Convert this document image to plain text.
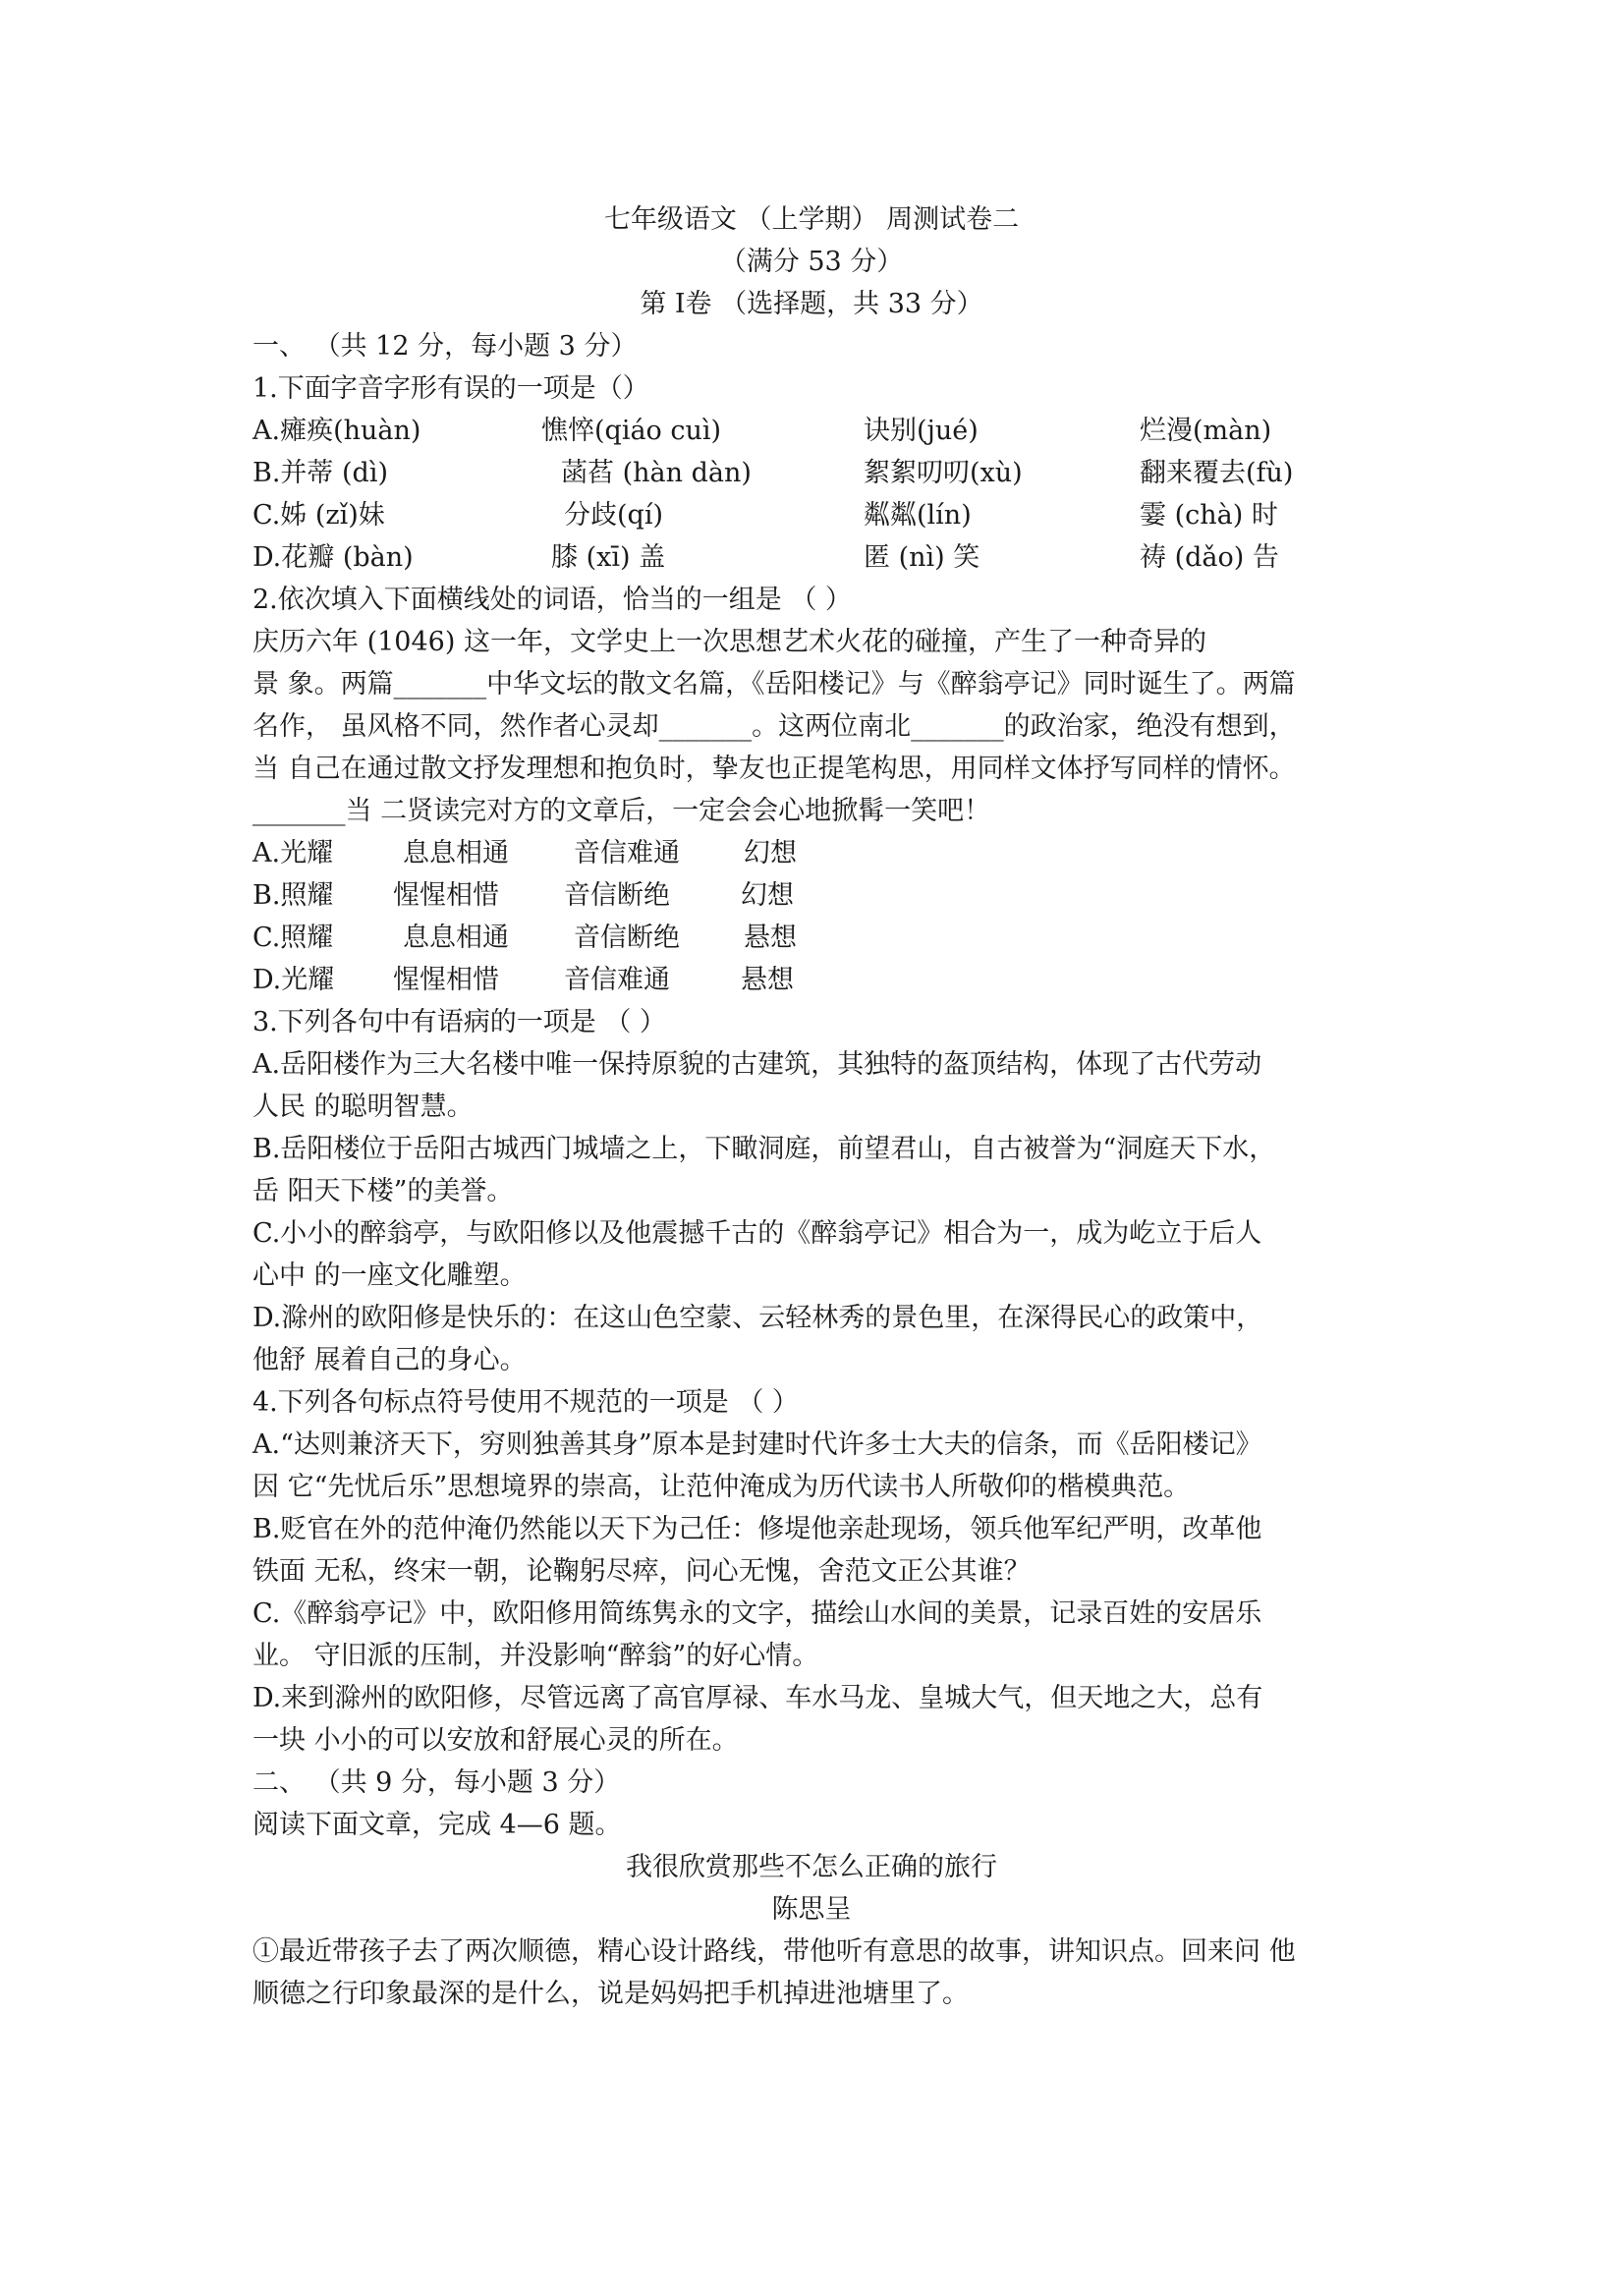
七年级语文 （上学期） 周测试卷二
（满分 53 分）
第 Ⅰ卷 （选择题，共 33 分）
一、 （共 12 分，每小题 3 分）
1.下面字音字形有误的一项是（）
A.瘫痪(huàn)	憔悴(qiáo cuì)	诀别(jué)	烂漫(màn)
B.并蒂 (dì)	菡萏 (hàn dàn)	絮絮叨叨(xù)	翻来覆去(fù)
C.姊 (zǐ)妹	分歧(qí)	粼粼(lín)	霎 (chà) 时
D.花瓣 (bàn)	膝 (xī) 盖	匿 (nì) 笑	祷 (dǎo) 告
2.依次填入下面横线处的词语，恰当的一组是 （ ）
庆历六年 (1046) 这一年，文学史上一次思想艺术火花的碰撞，产生了一种奇异的
景 象。两篇_______中华文坛的散文名篇，《岳阳楼记》与《醉翁亭记》同时诞生了。两篇
名作， 虽风格不同，然作者心灵却_______。这两位南北_______的政治家，绝没有想到，
当 自己在通过散文抒发理想和抱负时，挚友也正提笔构思，用同样文体抒写同样的情怀。
_______当 二贤读完对方的文章后，一定会会心地掀髯一笑吧！
A.光耀	息息相通 音信难通 幻想
B.照耀 惺惺相惜 音信断绝	幻想
C.照耀	息息相通 音信断绝 悬想
D.光耀 惺惺相惜 音信难通	悬想
3.下列各句中有语病的一项是 （ ）
A.岳阳楼作为三大名楼中唯一保持原貌的古建筑，其独特的盔顶结构，体现了古代劳动
人民 的聪明智慧。
B.岳阳楼位于岳阳古城西门城墙之上，下瞰洞庭，前望君山，自古被誉为“洞庭天下水，
岳 阳天下楼”的美誉。
C.小小的醉翁亭，与欧阳修以及他震撼千古的《醉翁亭记》相合为一，成为屹立于后人
心中 的一座文化雕塑。
D.滁州的欧阳修是快乐的：在这山色空蒙、云轻林秀的景色里，在深得民心的政策中，
他舒 展着自己的身心。
4.下列各句标点符号使用不规范的一项是 （ ）
A.“达则兼济天下，穷则独善其身”原本是封建时代许多士大夫的信条，而《岳阳楼记》
因 它“先忧后乐”思想境界的崇高，让范仲淹成为历代读书人所敬仰的楷模典范。
B.贬官在外的范仲淹仍然能以天下为己任：修堤他亲赴现场，领兵他军纪严明，改革他
铁面 无私，终宋一朝，论鞠躬尽瘁，问心无愧，舍范文正公其谁？
C.《醉翁亭记》中，欧阳修用简练隽永的文字，描绘山水间的美景，记录百姓的安居乐
业。 守旧派的压制，并没影响“醉翁”的好心情。
D.来到滁州的欧阳修，尽管远离了高官厚禄、车水马龙、皇城大气，但天地之大，总有
一块 小小的可以安放和舒展心灵的所在。
二、 （共 9 分，每小题 3 分）
阅读下面文章，完成 4—6 题。
我很欣赏那些不怎么正确的旅行
陈思呈
①最近带孩子去了两次顺德，精心设计路线，带他听有意思的故事，讲知识点。回来问 他
顺德之行印象最深的是什么，说是妈妈把手机掉进池塘里了。
